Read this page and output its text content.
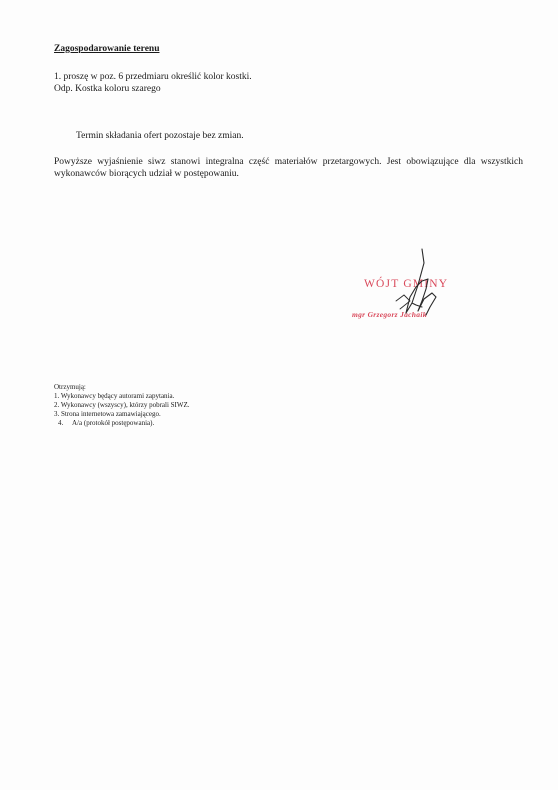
Zagospodarowanie terenu
1. proszę w poz. 6 przedmiaru określić kolor kostki.
Odp. Kostka koloru szarego
Termin składania ofert pozostaje bez zmian.
Powyższe wyjaśnienie siwz stanowi integralna część materiałów przetargowych. Jest obowiązujące dla wszystkich wykonawców biorących udział w postępowaniu.
WÓJT GMINY
mgr Grzegorz Jachaik
Otrzymują:
1. Wykonawcy będący autorami zapytania.
2. Wykonawcy (wszyscy), którzy pobrali SIWZ.
3. Strona internetowa zamawiającego.
4. A/a (protokół postępowania).
